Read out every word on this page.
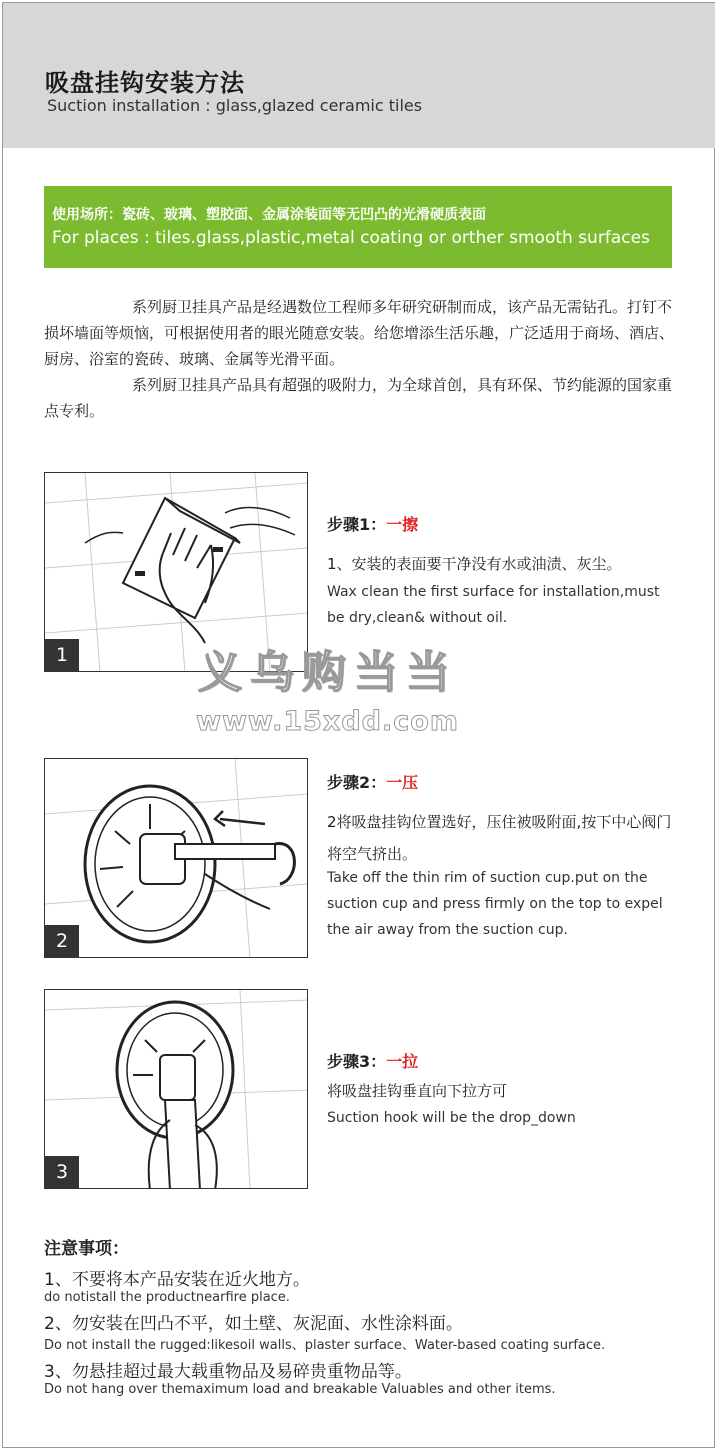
吸盘挂钩安装方法
Suction installation : glass,glazed ceramic tiles
使用场所：瓷砖、玻璃、塑胶面、金属涂装面等无凹凸的光滑硬质表面
For places : tiles.glass,plastic,metal coating or orther smooth surfaces

系列厨卫挂具产品是经遇数位工程师多年研究研制而成，该产品无需钻孔。打钉不损坏墙面等烦恼，可根据使用者的眼光随意安装。给您增添生活乐趣，广泛适用于商场、酒店、厨房、浴室的瓷砖、玻璃、金属等光滑平面。

系列厨卫挂具产品具有超强的吸附力，为全球首创，具有环保、节约能源的国家重点专利。

1
步骤1：一擦
1、安装的表面要干净没有水或油渍、灰尘。
Wax clean the first surface for installation,must be dry,clean& without oil.
义乌购当当
www.15xdd.com
2
步骤2：一压
2将吸盘挂钩位置选好，压住被吸附面,按下中心阀门将空气挤出。
Take off the thin rim of suction cup.put on the suction cup and press firmly on the top to expel the air away from the suction cup.
3
步骤3：一拉
将吸盘挂钩垂直向下拉方可
Suction hook will be the drop_down
注意事项：
1、不要将本产品安装在近火地方。
do notistall the productnearfire place.
2、勿安装在凹凸不平，如土壁、灰泥面、水性涂料面。
Do not install the rugged:likesoil walls、plaster surface、Water-based coating surface.
3、勿悬挂超过最大载重物品及易碎贵重物品等。
Do not hang over themaximum load and breakable Valuables and other items.
